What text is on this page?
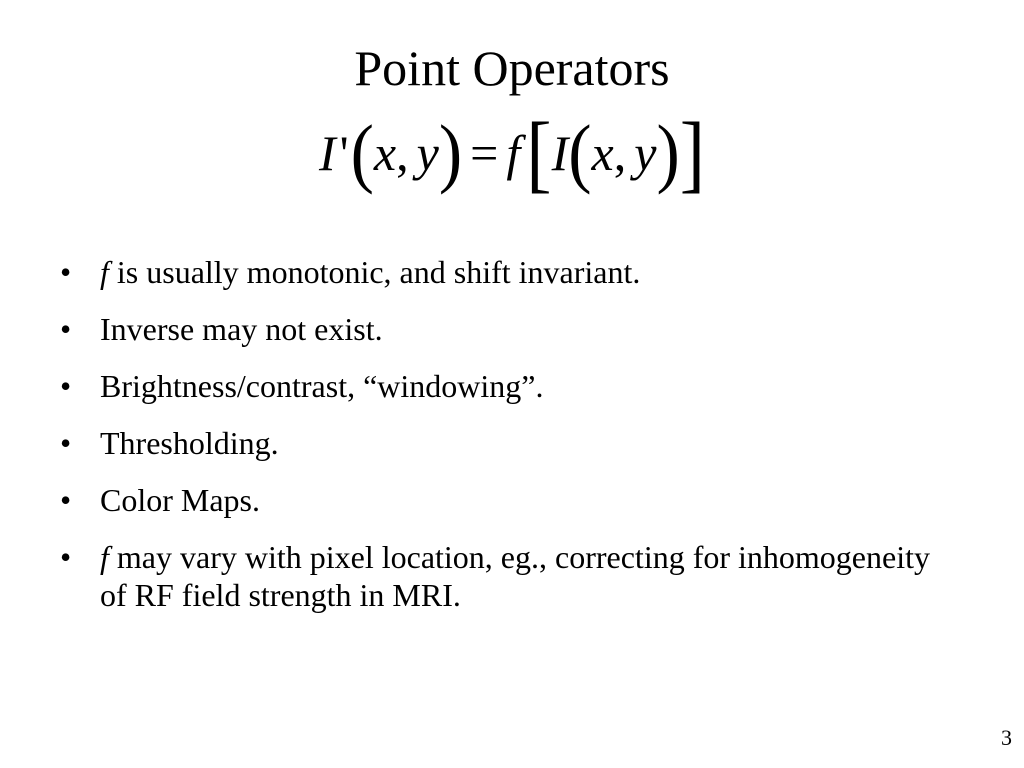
Point Operators
I'(x, y) = f[I(x, y)]
• f is usually monotonic, and shift invariant.
• Inverse may not exist.
• Brightness/contrast, “windowing”.
• Thresholding.
• Color Maps.
• f may vary with pixel location, eg., correcting for inhomogeneity of RF field strength in MRI.
3
